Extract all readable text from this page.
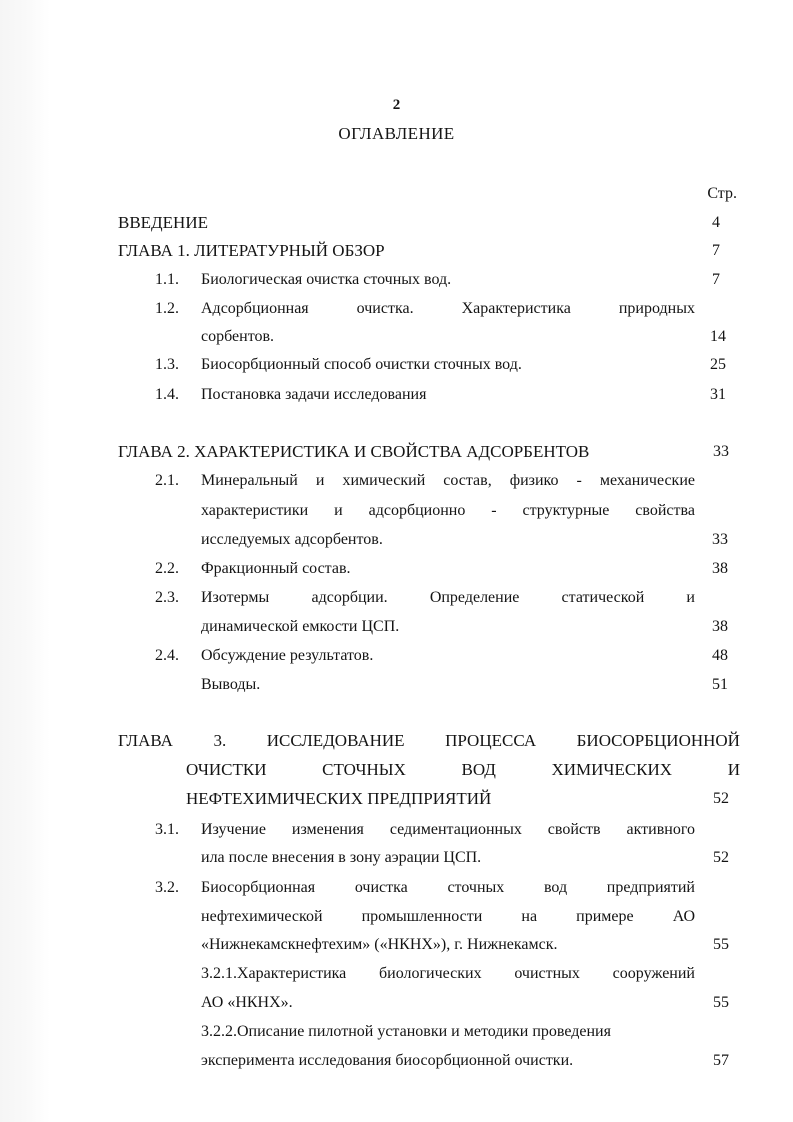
2
ОГЛАВЛЕНИЕ
Стр.
ВВЕДЕНИЕ	4
ГЛАВА 1. ЛИТЕРАТУРНЫЙ ОБЗОР	7
1.1. Биологическая очистка сточных вод.	7
1.2. Адсорбционная	очистка.	Характеристика	природных
сорбентов.	14
1.3. Биосорбционный способ очистки сточных вод.	25
1.4. Постановка задачи исследования	31
ГЛАВА 2. ХАРАКТЕРИСТИКА И СВОЙСТВА АДСОРБЕНТОВ	33
2.1. Минеральный и химический состав, физико - механические
характеристики и адсорбционно - структурные свойства
исследуемых адсорбентов.	33
2.2. Фракционный состав.	38
2.3. Изотермы	адсорбции.	Определение	статической	и
динамической емкости ЦСП.	38
2.4. Обсуждение результатов.	48
Выводы.	51
ГЛАВА 3. ИССЛЕДОВАНИЕ ПРОЦЕССА БИОСОРБЦИОННОЙ
ОЧИСТКИ	СТОЧНЫХ	ВОД	ХИМИЧЕСКИХ	И
НЕФТЕХИМИЧЕСКИХ ПРЕДПРИЯТИЙ	52
3.1. Изучение изменения седиментационных свойств активного
ила после внесения в зону аэрации ЦСП.	52
3.2. Биосорбционная очистка сточных вод предприятий
нефтехимической промышленности на примере АО
«Нижнекамскнефтехим» («НКНХ»), г. Нижнекамск.	55
3.2.1.Характеристика биологических очистных сооружений
АО «НКНХ».	55
3.2.2.Описание пилотной установки и методики проведения
эксперимента исследования биосорбционной очистки.	57
